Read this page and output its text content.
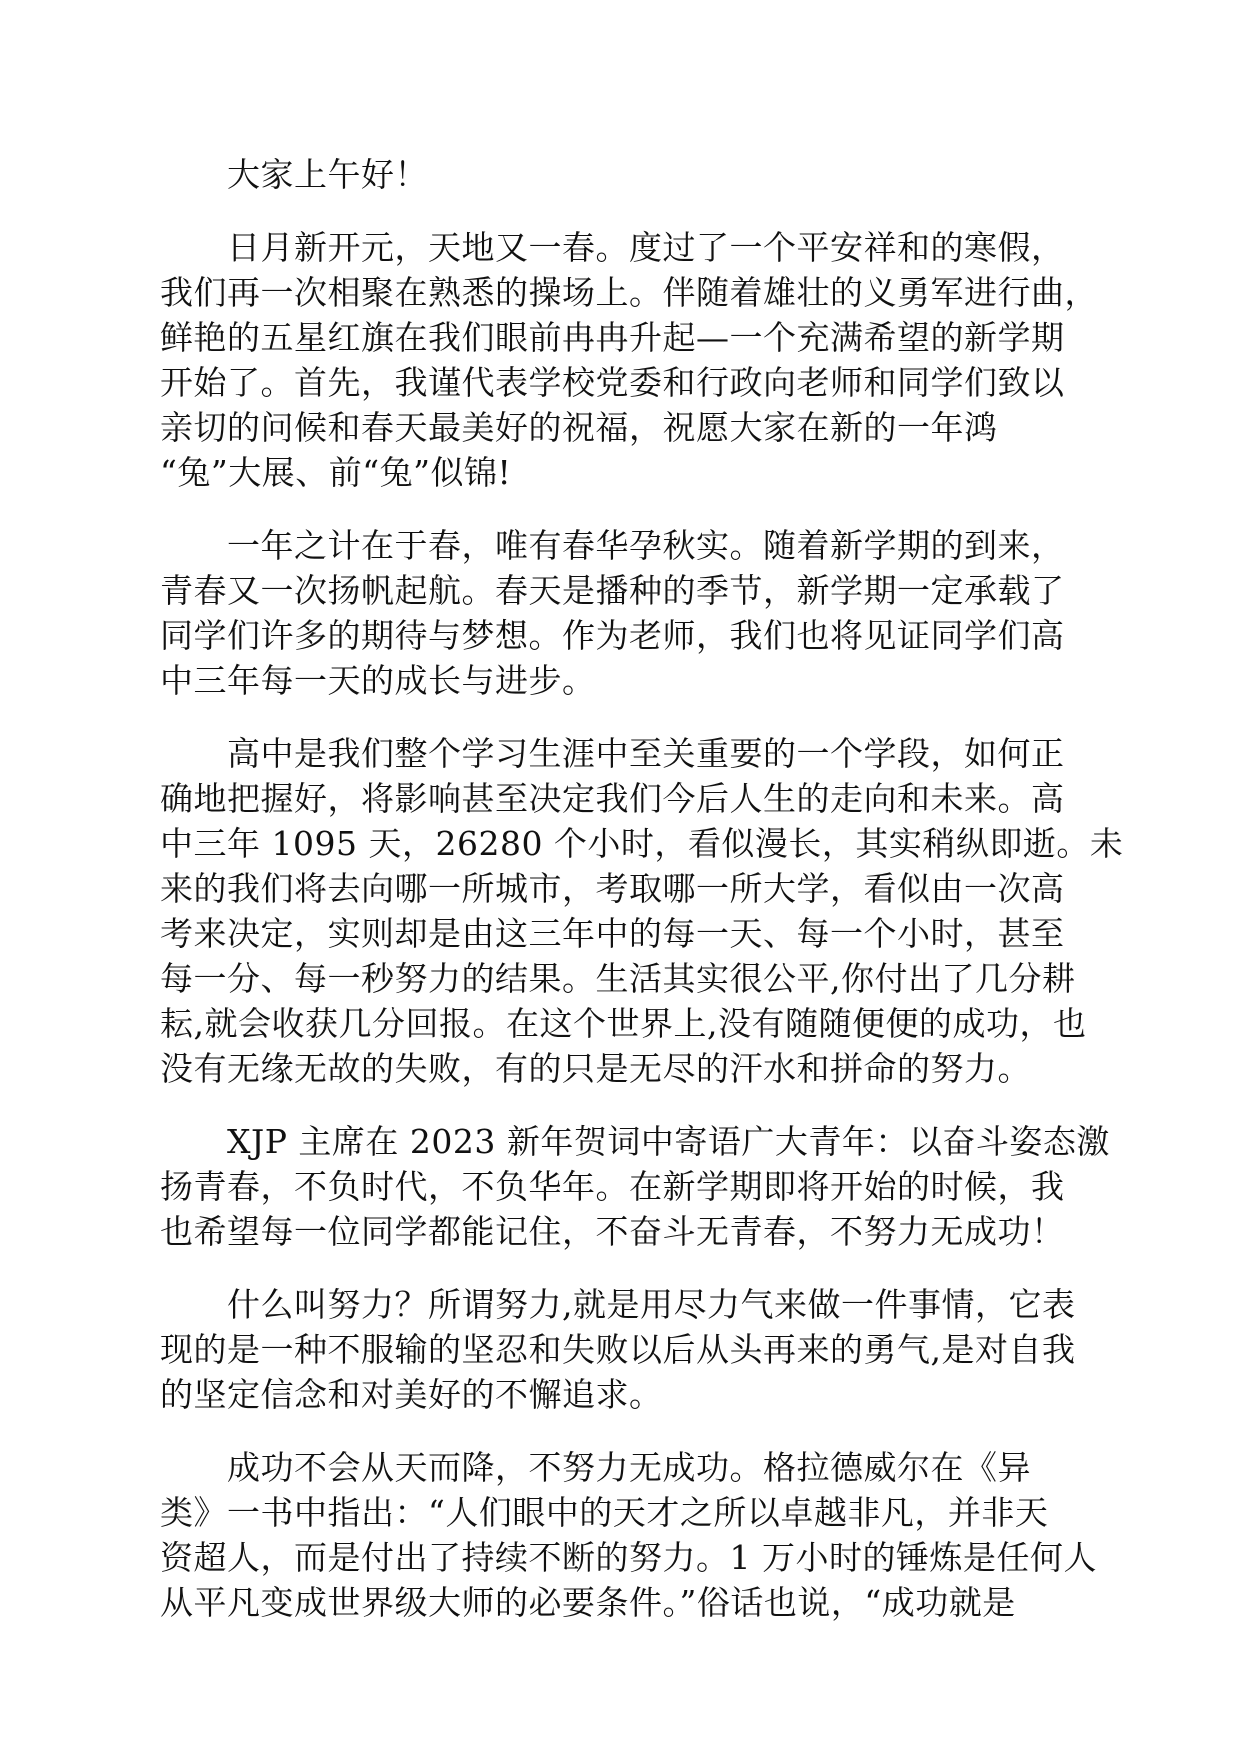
大家上午好！

日月新开元，天地又一春。度过了一个平安祥和的寒假，
我们再一次相聚在熟悉的操场上。伴随着雄壮的义勇军进行曲，
鲜艳的五星红旗在我们眼前冉冉升起—一个充满希望的新学期
开始了。首先，我谨代表学校党委和行政向老师和同学们致以
亲切的问候和春天最美好的祝福，祝愿大家在新的一年鸿
“兔”大展、前“兔”似锦!

一年之计在于春，唯有春华孕秋实。随着新学期的到来，
青春又一次扬帆起航。春天是播种的季节，新学期一定承载了
同学们许多的期待与梦想。作为老师，我们也将见证同学们高
中三年每一天的成长与进步。

高中是我们整个学习生涯中至关重要的一个学段，如何正
确地把握好，将影响甚至决定我们今后人生的走向和未来。高
中三年 1095 天，26280 个小时，看似漫长，其实稍纵即逝。未
来的我们将去向哪一所城市，考取哪一所大学，看似由一次高
考来决定，实则却是由这三年中的每一天、每一个小时，甚至
每一分、每一秒努力的结果。生活其实很公平,你付出了几分耕
耘,就会收获几分回报。在这个世界上,没有随随便便的成功，也
没有无缘无故的失败，有的只是无尽的汗水和拼命的努力。

XJP 主席在 2023 新年贺词中寄语广大青年：以奋斗姿态激
扬青春，不负时代，不负华年。在新学期即将开始的时候，我
也希望每一位同学都能记住，不奋斗无青春，不努力无成功！

什么叫努力？所谓努力,就是用尽力气来做一件事情，它表
现的是一种不服输的坚忍和失败以后从头再来的勇气,是对自我
的坚定信念和对美好的不懈追求。

成功不会从天而降，不努力无成功。格拉德威尔在《异
类》一书中指出：“人们眼中的天才之所以卓越非凡，并非天
资超人，而是付出了持续不断的努力。1 万小时的锤炼是任何人
从平凡变成世界级大师的必要条件。”俗话也说，“成功就是
